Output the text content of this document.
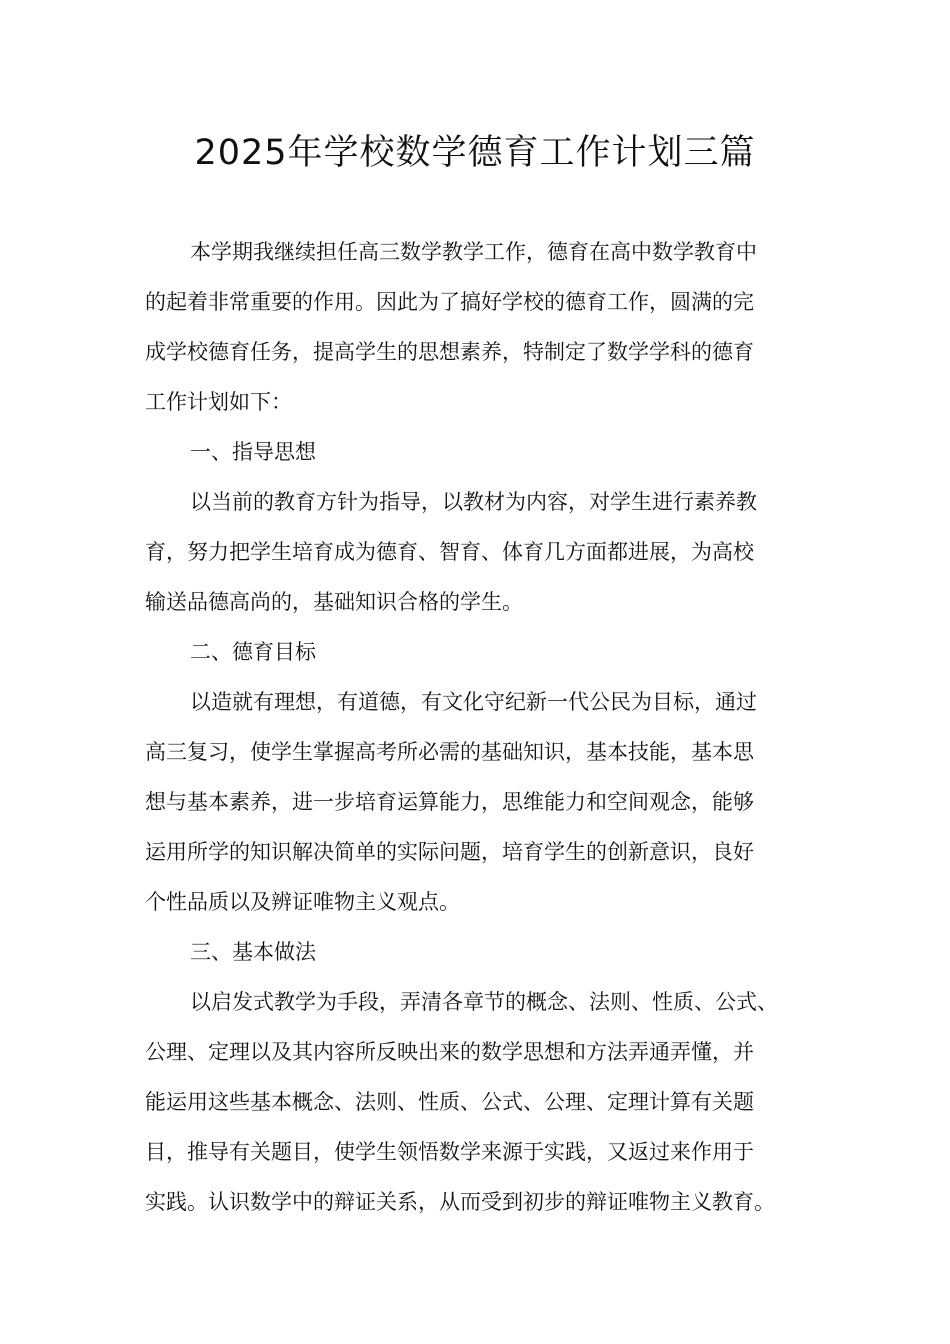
2025年学校数学德育工作计划三篇
本学期我继续担任高三数学教学工作，德育在高中数学教育中
的起着非常重要的作用。因此为了搞好学校的德育工作，圆满的完
成学校德育任务，提高学生的思想素养，特制定了数学学科的德育
工作计划如下：
一、指导思想
以当前的教育方针为指导，以教材为内容，对学生进行素养教
育，努力把学生培育成为德育、智育、体育几方面都进展，为高校
输送品德高尚的，基础知识合格的学生。
二、德育目标
以造就有理想，有道德，有文化守纪新一代公民为目标，通过
高三复习，使学生掌握高考所必需的基础知识，基本技能，基本思
想与基本素养，进一步培育运算能力，思维能力和空间观念，能够
运用所学的知识解决简单的实际问题，培育学生的创新意识，良好
个性品质以及辨证唯物主义观点。
三、基本做法
以启发式教学为手段，弄清各章节的概念、法则、性质、公式、
公理、定理以及其内容所反映出来的数学思想和方法弄通弄懂，并
能运用这些基本概念、法则、性质、公式、公理、定理计算有关题
目，推导有关题目，使学生领悟数学来源于实践，又返过来作用于
实践。认识数学中的辩证关系，从而受到初步的辩证唯物主义教育。
